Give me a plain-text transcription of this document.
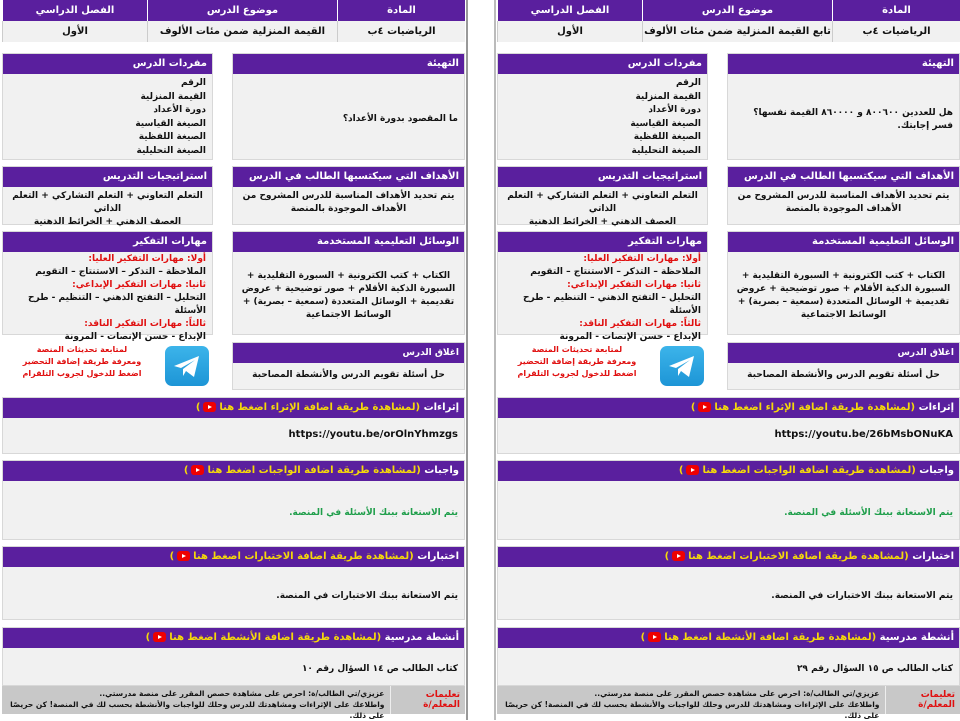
المادة
موضوع الدرس
الفصل الدراسي
الرياضيات ٤ب
القيمة المنزلية ضمن مئات الألوف
الأول
التهيئة
ما المقصود بدورة الأعداد؟
مفردات الدرس
الرقم
القيمة المنزلية
دورة الأعداد
الصيغة القياسية
الصيغة اللفظية
الصيغة التحليلية
الأهداف التي سيكتسبها الطالب في الدرس
يتم تحديد الأهداف المناسبة للدرس المشروح من الأهداف الموجودة بالمنصة
استراتيجيات التدريس
التعلم التعاوني + التعلم التشاركي + التعلم الذاتي
العصف الذهني + الخرائط الذهنية
الوسائل التعليمية المستخدمة
الكتاب + كتب الكترونية + السبورة التقليدية + السبورة الذكية الأقلام + صور توضيحية + عروض تقديمية + الوسائل المتعددة (سمعية – بصرية) + الوسائط الاجتماعية
مهارات التفكير
أولا: مهارات التفكير العليا:
الملاحظة – التذكر – الاستنتاج – التقويم
ثانيا: مهارات التفكير الإبداعي:
التحليل – التفتح الذهني – التنظيم - طرح الأسئلة
ثالثاً: مهارات التفكير الناقد:
الإبداع - حسن الإنصات - المرونة
لمتابعة تحديثات المنصة
ومعرفة طريقة إضافة التحضير
اضغط للدخول لجروب التلقرام
اغلاق الدرس
حل أسئلة تقويم الدرس والأنشطة المصاحبة
إثراءات (لمشاهدة طريقة اضافة الإثراء اضغط هنا)
https://youtu.be/orOlnYhmzgs
واجبات (لمشاهدة طريقة اضافة الواجبات اضغط هنا)
يتم الاستعانة ببنك الأسئلة في المنصة.
اختبارات (لمشاهدة طريقة اضافة الاختبارات اضغط هنا)
يتم الاستعانة ببنك الاختبارات في المنصة.
أنشطة مدرسية (لمشاهدة طريقة اضافة الأنشطة اضغط هنا)
كتاب الطالب ص ١٤ السؤال رقم ١٠
تعليمات المعلم/ة
عزيزي/تي الطالب/ة: احرص على مشاهدة حصص المقرر على منصة مدرستي..
واطلاعك على الإثراءات ومشاهدتك للدرس وحلك للواجبات والأنشطة بحسب لك في المنصة! كن حريصًا على ذلك.
المادة
موضوع الدرس
الفصل الدراسي
الرياضيات ٤ب
تابع القيمة المنزلية ضمن مئات الألوف
الأول
التهيئة
هل للعددين ٨٠٠٦٠٠ و ٨٦٠٠٠٠ القيمة نفسها؟ فسر إجابتك.
مفردات الدرس
الرقم
القيمة المنزلية
دورة الأعداد
الصيغة القياسية
الصيغة اللفظية
الصيغة التحليلية
الأهداف التي سيكتسبها الطالب في الدرس
يتم تحديد الأهداف المناسبة للدرس المشروح من الأهداف الموجودة بالمنصة
استراتيجيات التدريس
التعلم التعاوني + التعلم التشاركي + التعلم الذاتي
العصف الذهني + الخرائط الذهنية
الوسائل التعليمية المستخدمة
الكتاب + كتب الكترونية + السبورة التقليدية + السبورة الذكية الأقلام + صور توضيحية + عروض تقديمية + الوسائل المتعددة (سمعية – بصرية) + الوسائط الاجتماعية
مهارات التفكير
أولا: مهارات التفكير العليا:
الملاحظة – التذكر – الاستنتاج – التقويم
ثانيا: مهارات التفكير الإبداعي:
التحليل – التفتح الذهني – التنظيم - طرح الأسئلة
ثالثاً: مهارات التفكير الناقد:
الإبداع - حسن الإنصات - المرونة
لمتابعة تحديثات المنصة
ومعرفة طريقة إضافة التحضير
اضغط للدخول لجروب التلقرام
اغلاق الدرس
حل أسئلة تقويم الدرس والأنشطة المصاحبة
إثراءات (لمشاهدة طريقة اضافة الإثراء اضغط هنا)
https://youtu.be/26bMsbONuKA
واجبات (لمشاهدة طريقة اضافة الواجبات اضغط هنا)
يتم الاستعانة ببنك الأسئلة في المنصة.
اختبارات (لمشاهدة طريقة اضافة الاختبارات اضغط هنا)
يتم الاستعانة ببنك الاختبارات في المنصة.
أنشطة مدرسية (لمشاهدة طريقة اضافة الأنشطة اضغط هنا)
كتاب الطالب ص ١٥ السؤال رقم ٢٩
تعليمات المعلم/ة
عزيزي/تي الطالب/ة: احرص على مشاهدة حصص المقرر على منصة مدرستي..
واطلاعك على الإثراءات ومشاهدتك للدرس وحلك للواجبات والأنشطة بحسب لك في المنصة! كن حريصًا على ذلك.
